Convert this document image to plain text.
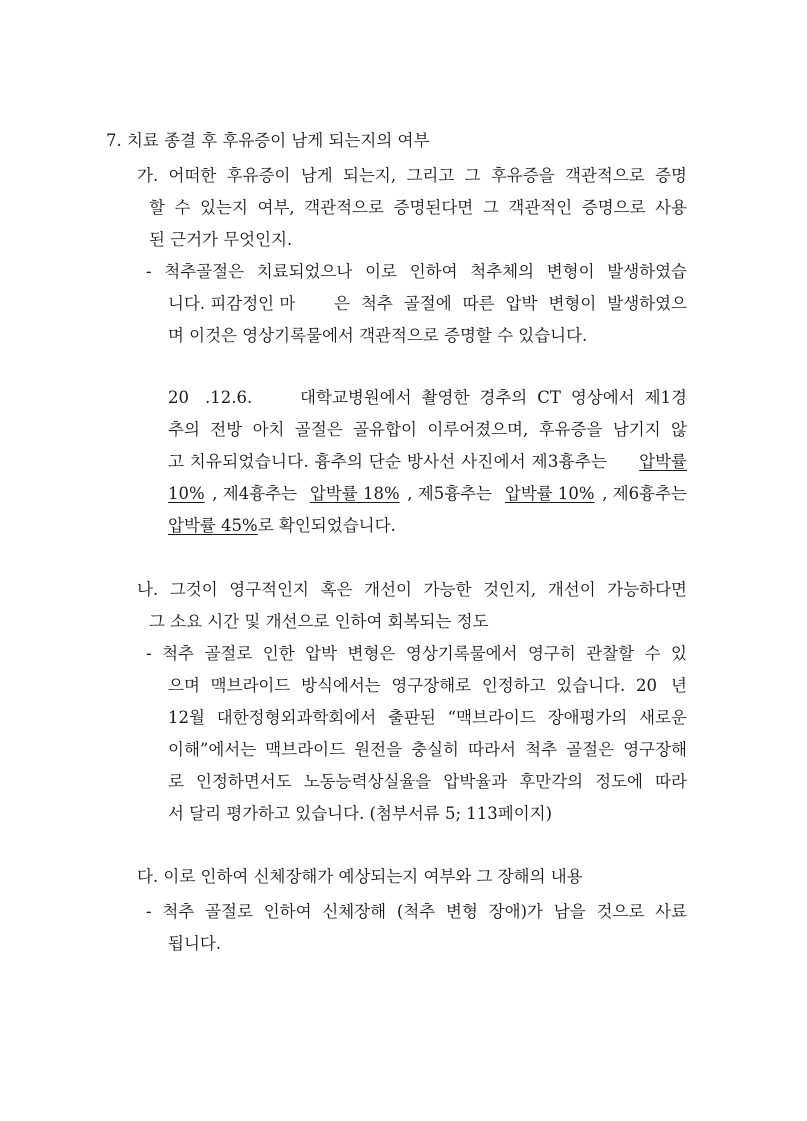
7. 치료 종결 후 후유증이 남게 되는지의 여부
가. 어떠한 후유증이 남게 되는지, 그리고 그 후유증을 객관적으로 증명
할 수 있는지 여부, 객관적으로 증명된다면 그 객관적인 증명으로 사용
된 근거가 무엇인지.
- 척추골절은 치료되었으나 이로 인하여 척추체의 변형이 발생하였습
니다. 피감정인 마 은 척추 골절에 따른 압박 변형이 발생하였으
며 이것은 영상기록물에서 객관적으로 증명할 수 있습니다.
20 .12.6.	대학교병원에서 촬영한 경추의 CT 영상에서 제1경
추의 전방 아치 골절은 골유합이 이루어졌으며, 후유증을 남기지 않
고 치유되었습니다. 흉추의 단순 방사선 사진에서 제3흉추는 압박률
10% , 제4흉추는 압박률 18% , 제5흉추는 압박률 10% , 제6흉추는
압박률 45%로 확인되었습니다.
나. 그것이 영구적인지 혹은 개선이 가능한 것인지, 개선이 가능하다면
그 소요 시간 및 개선으로 인하여 회복되는 정도
- 척추 골절로 인한 압박 변형은 영상기록물에서 영구히 관찰할 수 있
으며 맥브라이드 방식에서는 영구장해로 인정하고 있습니다. 20 년
12월 대한정형외과학회에서 출판된 “맥브라이드 장애평가의 새로운
이해”에서는 맥브라이드 원전을 충실히 따라서 척추 골절은 영구장해
로 인정하면서도 노동능력상실율을 압박율과 후만각의 정도에 따라
서 달리 평가하고 있습니다. (첨부서류 5; 113페이지)
다. 이로 인하여 신체장해가 예상되는지 여부와 그 장해의 내용
- 척추 골절로 인하여 신체장해 (척추 변형 장애)가 남을 것으로 사료
됩니다.
